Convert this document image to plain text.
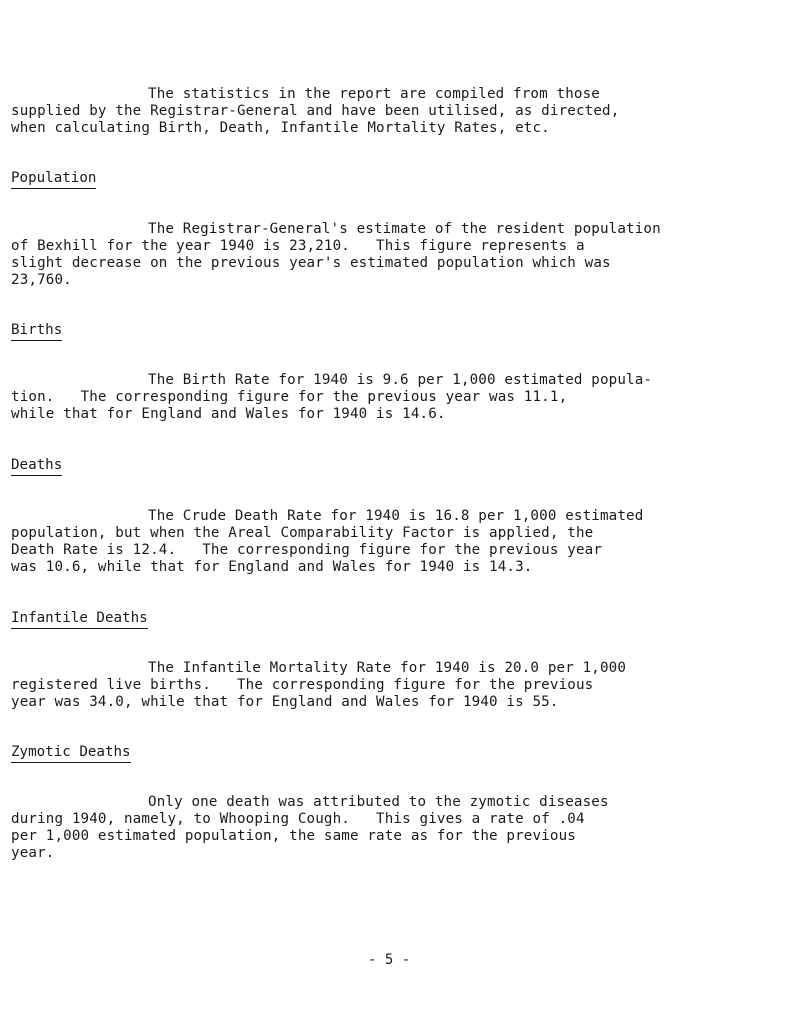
The statistics in the report are compiled from those
supplied by the Registrar-General and have been utilised, as directed,
when calculating Birth, Death, Infantile Mortality Rates, etc.
Population
The Registrar-General's estimate of the resident population
of Bexhill for the year 1940 is 23,210.   This figure represents a
slight decrease on the previous year's estimated population which was
23,760.
Births
The Birth Rate for 1940 is 9.6 per 1,000 estimated popula-
tion.   The corresponding figure for the previous year was 11.1,
while that for England and Wales for 1940 is 14.6.
Deaths
The Crude Death Rate for 1940 is 16.8 per 1,000 estimated
population, but when the Areal Comparability Factor is applied, the
Death Rate is 12.4.   The corresponding figure for the previous year
was 10.6, while that for England and Wales for 1940 is 14.3.
Infantile Deaths
The Infantile Mortality Rate for 1940 is 20.0 per 1,000
registered live births.   The corresponding figure for the previous
year was 34.0, while that for England and Wales for 1940 is 55.
Zymotic Deaths
Only one death was attributed to the zymotic diseases
during 1940, namely, to Whooping Cough.   This gives a rate of .04
per 1,000 estimated population, the same rate as for the previous
year.
- 5 -
